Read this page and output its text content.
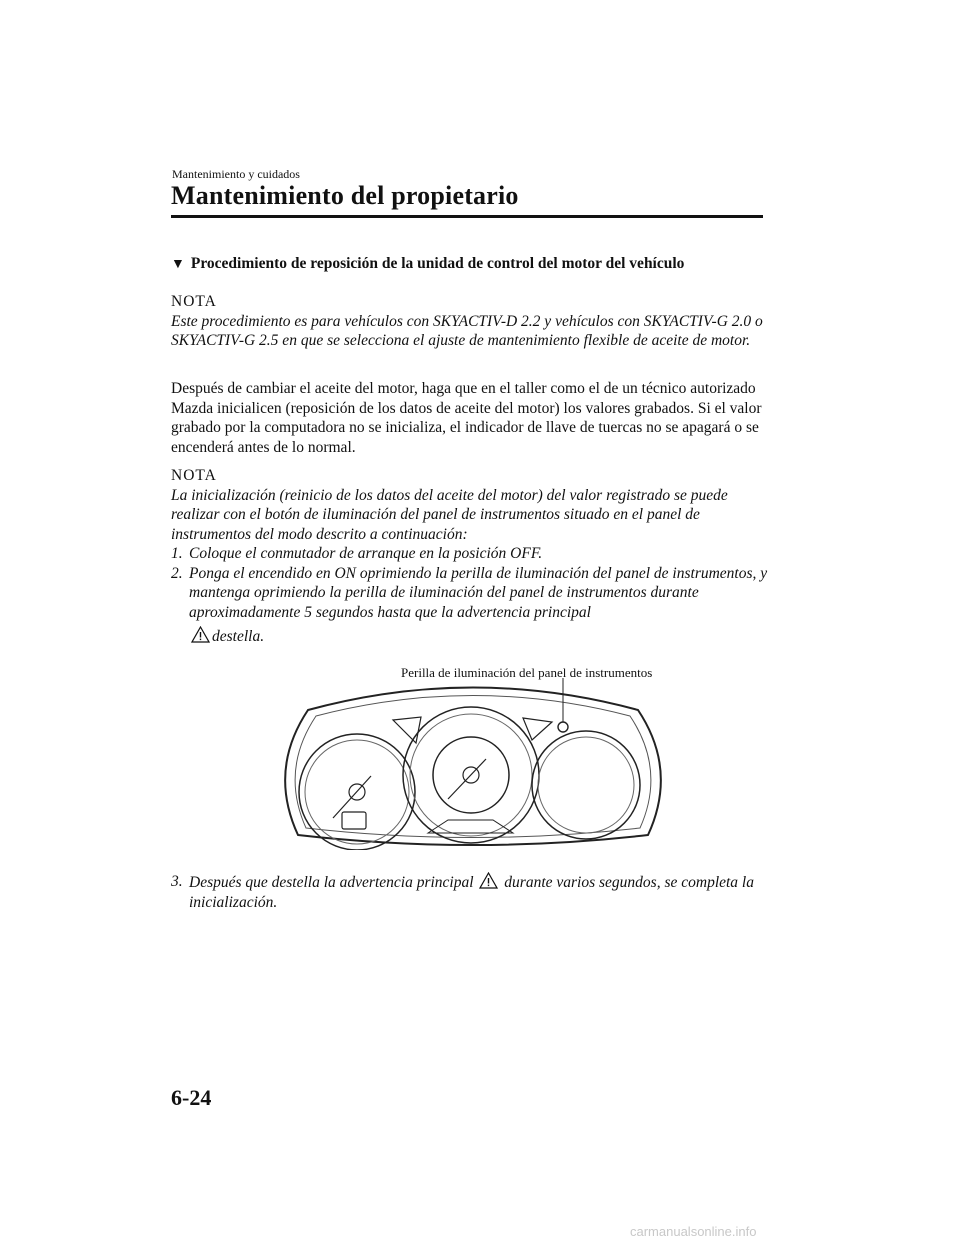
Mantenimiento y cuidados
Mantenimiento del propietario
▼ Procedimiento de reposición de la unidad de control del motor del vehículo

NOTA

Este procedimiento es para vehículos con SKYACTIV-D 2.2 y vehículos con SKYACTIV-G 2.0 o SKYACTIV-G 2.5 en que se selecciona el ajuste de mantenimiento flexible de aceite de motor.

Después de cambiar el aceite del motor, haga que en el taller como el de un técnico autorizado Mazda inicialicen (reposición de los datos de aceite del motor) los valores grabados. Si el valor grabado por la computadora no se inicializa, el indicador de llave de tuercas no se apagará o se encenderá antes de lo normal.

NOTA

La inicialización (reinicio de los datos del aceite del motor) del valor registrado se puede realizar con el botón de iluminación del panel de instrumentos situado en el panel de instrumentos del modo descrito a continuación:

1. Coloque el conmutador de arranque en la posición OFF.
2. Ponga el encendido en ON oprimiendo la perilla de iluminación del panel de instrumentos, y mantenga oprimiendo la perilla de iluminación del panel de instrumentos durante aproximadamente 5 segundos hasta que la advertencia principal
destella.
Perilla de iluminación del panel de instrumentos
3. Después que destella la advertencia principal durante varios segundos, se completa la inicialización.
6-24
carmanualsonline.info
